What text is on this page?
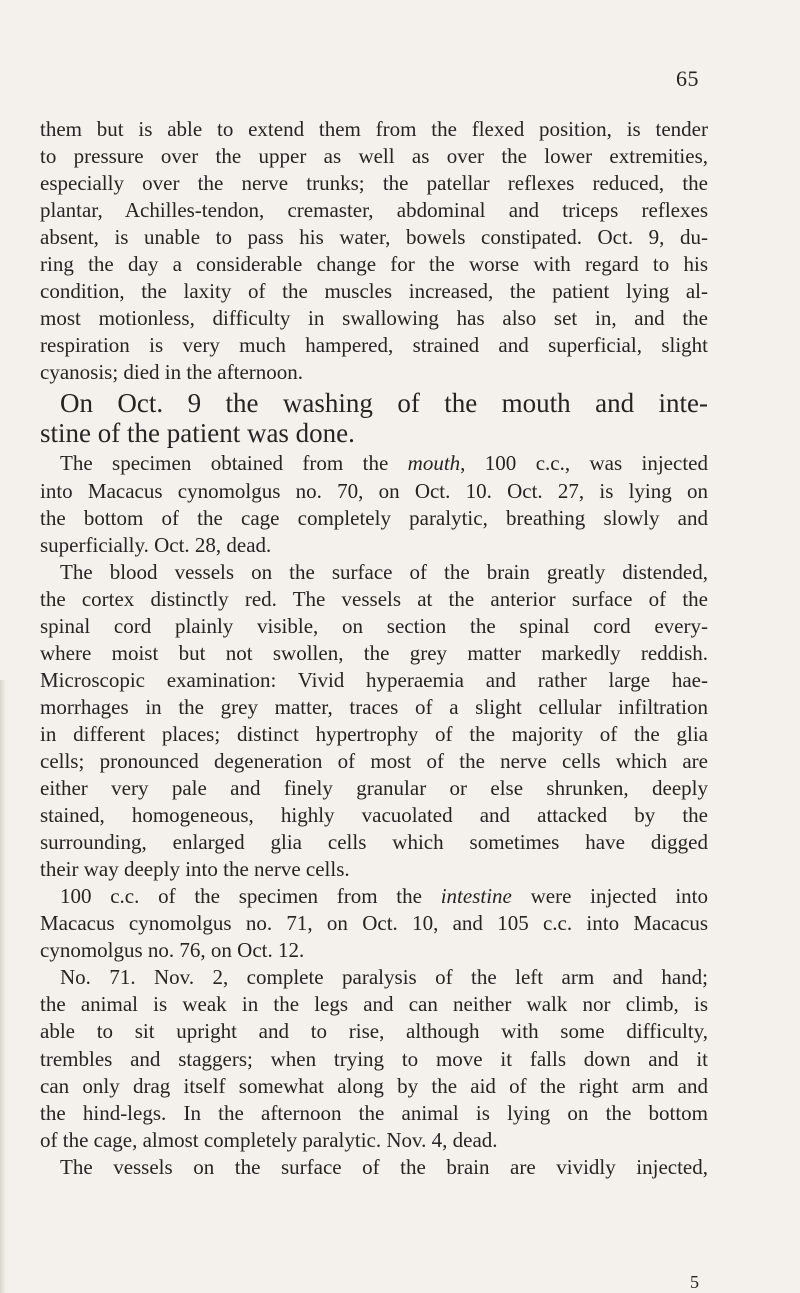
65
them but is able to extend them from the flexed position, is tender
to pressure over the upper as well as over the lower extremities,
especially over the nerve trunks; the patellar reflexes reduced, the
plantar, Achilles-tendon, cremaster, abdominal and triceps reflexes
absent, is unable to pass his water, bowels constipated. Oct. 9, du-
ring the day a considerable change for the worse with regard to his
condition, the laxity of the muscles increased, the patient lying al-
most motionless, difficulty in swallowing has also set in, and the
respiration is very much hampered, strained and superficial, slight
cyanosis; died in the afternoon.
On Oct. 9 the washing of the mouth and inte-
stine of the patient was done.
The specimen obtained from the mouth, 100 c.c., was injected
into Macacus cynomolgus no. 70, on Oct. 10. Oct. 27, is lying on
the bottom of the cage completely paralytic, breathing slowly and
superficially. Oct. 28, dead.
The blood vessels on the surface of the brain greatly distended,
the cortex distinctly red. The vessels at the anterior surface of the
spinal cord plainly visible, on section the spinal cord every-
where moist but not swollen, the grey matter markedly reddish.
Microscopic examination: Vivid hyperaemia and rather large hae-
morrhages in the grey matter, traces of a slight cellular infiltration
in different places; distinct hypertrophy of the majority of the glia
cells; pronounced degeneration of most of the nerve cells which are
either very pale and finely granular or else shrunken, deeply
stained, homogeneous, highly vacuolated and attacked by the
surrounding, enlarged glia cells which sometimes have digged
their way deeply into the nerve cells.
100 c.c. of the specimen from the intestine were injected into
Macacus cynomolgus no. 71, on Oct. 10, and 105 c.c. into Macacus
cynomolgus no. 76, on Oct. 12.
No. 71. Nov. 2, complete paralysis of the left arm and hand;
the animal is weak in the legs and can neither walk nor climb, is
able to sit upright and to rise, although with some difficulty,
trembles and staggers; when trying to move it falls down and it
can only drag itself somewhat along by the aid of the right arm and
the hind-legs. In the afternoon the animal is lying on the bottom
of the cage, almost completely paralytic. Nov. 4, dead.
The vessels on the surface of the brain are vividly injected,
5
